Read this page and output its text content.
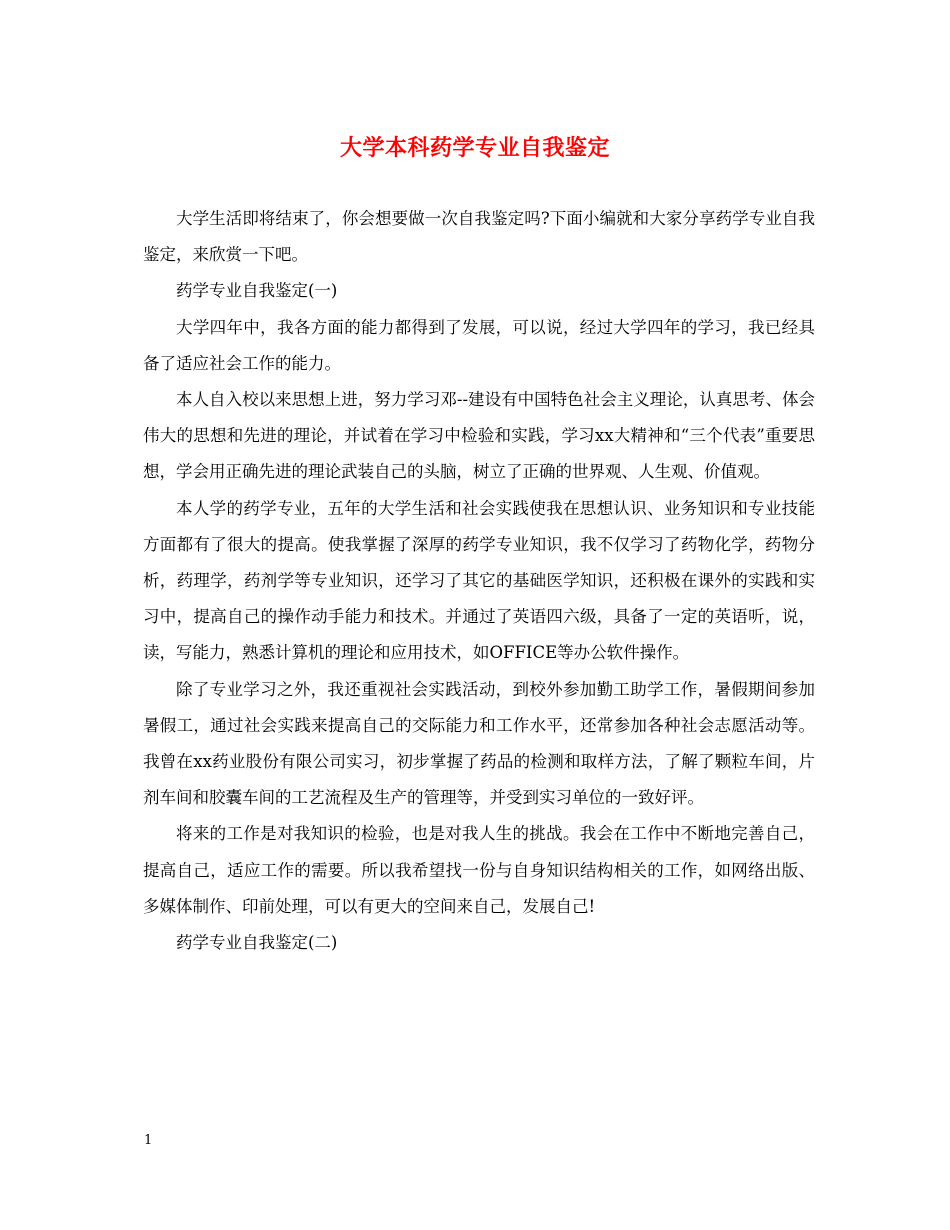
大学本科药学专业自我鉴定

大学生活即将结束了，你会想要做一次自我鉴定吗?下面小编就和大家分享药学专业自我鉴定，来欣赏一下吧。

药学专业自我鉴定(一)

大学四年中，我各方面的能力都得到了发展，可以说，经过大学四年的学习，我已经具备了适应社会工作的能力。

本人自入校以来思想上进，努力学习邓--建设有中国特色社会主义理论，认真思考、体会伟大的思想和先进的理论，并试着在学习中检验和实践，学习xx大精神和“三个代表”重要思想，学会用正确先进的理论武装自己的头脑，树立了正确的世界观、人生观、价值观。

本人学的药学专业，五年的大学生活和社会实践使我在思想认识、业务知识和专业技能方面都有了很大的提高。使我掌握了深厚的药学专业知识，我不仅学习了药物化学，药物分析，药理学，药剂学等专业知识，还学习了其它的基础医学知识，还积极在课外的实践和实习中，提高自己的操作动手能力和技术。并通过了英语四六级，具备了一定的英语听，说，读，写能力，熟悉计算机的理论和应用技术，如OFFICE等办公软件操作。

除了专业学习之外，我还重视社会实践活动，到校外参加勤工助学工作，暑假期间参加暑假工，通过社会实践来提高自己的交际能力和工作水平，还常参加各种社会志愿活动等。我曾在xx药业股份有限公司实习，初步掌握了药品的检测和取样方法，了解了颗粒车间，片剂车间和胶囊车间的工艺流程及生产的管理等，并受到实习单位的一致好评。

将来的工作是对我知识的检验，也是对我人生的挑战。我会在工作中不断地完善自己，提高自己，适应工作的需要。所以我希望找一份与自身知识结构相关的工作，如网络出版、多媒体制作、印前处理，可以有更大的空间来自己，发展自己!

药学专业自我鉴定(二)

1
